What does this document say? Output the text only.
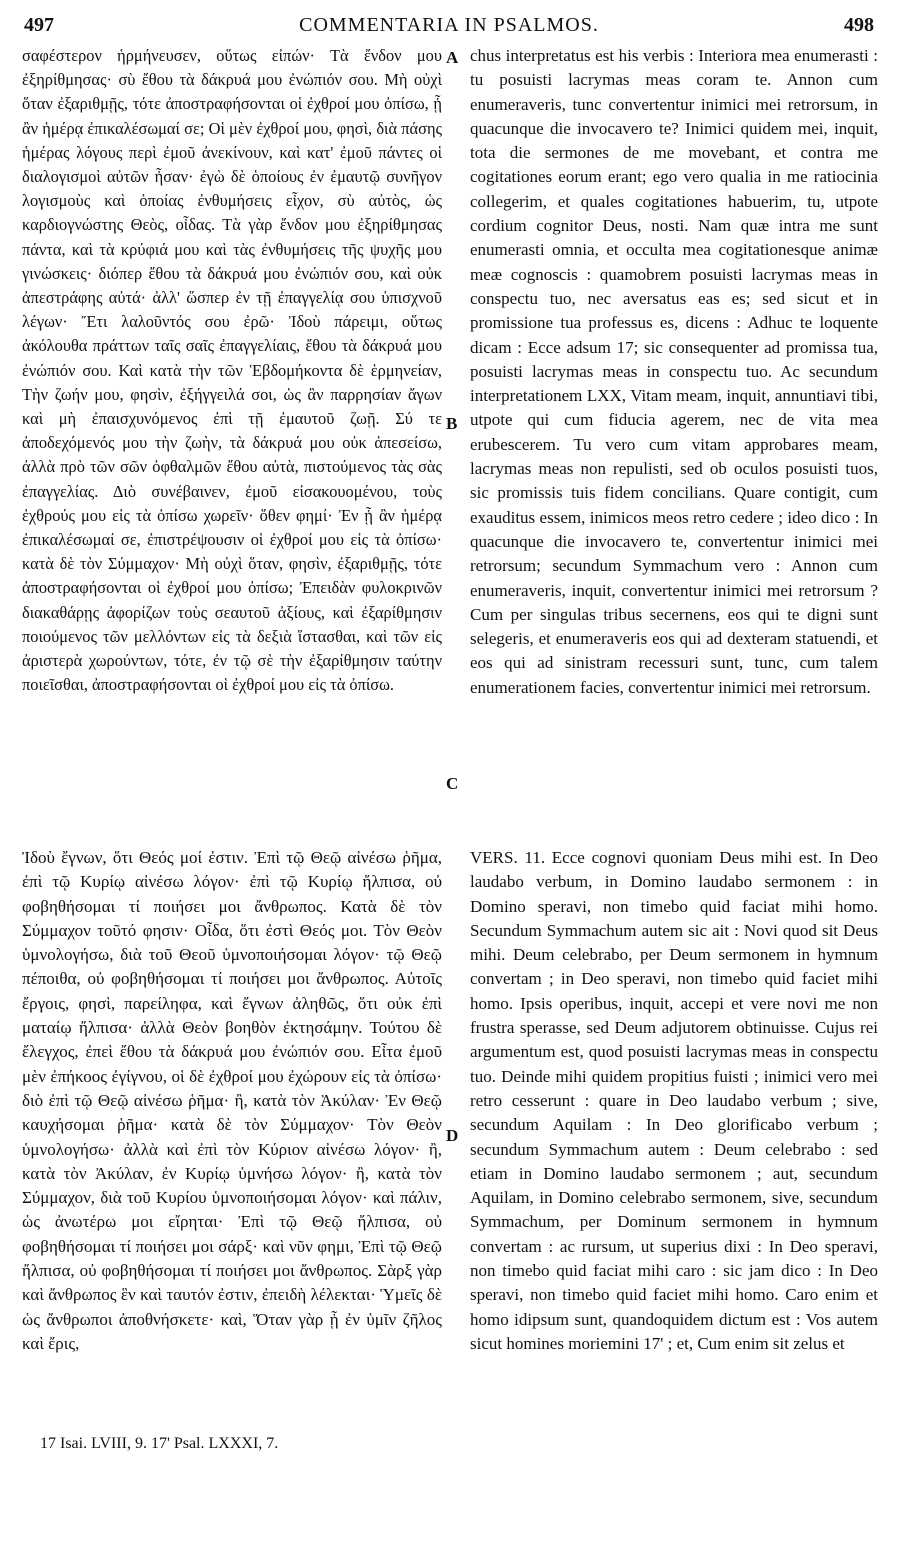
497	COMMENTARIA IN PSALMOS.	498

σαφέστερον ἡρμήνευσεν, οὕτως εἰπών· Τὰ ἔνδον μου ἐξηρίθμησας· σὺ ἔθου τὰ δάκρυά μου ἐνώπιόν σου. Μὴ οὐχὶ ὅταν ἐξαριθμῇς, τότε ἀποστραφήσονται οἱ ἐχθροί μου ὀπίσω, ᾗ ἂν ἡμέρᾳ ἐπικαλέσωμαί σε; Οἱ μὲν ἐχθροί μου, φησὶ, διὰ πάσης ἡμέρας λόγους περὶ ἐμοῦ ἀνεκίνουν, καὶ κατ' ἐμοῦ πάντες οἱ διαλογισμοὶ αὐτῶν ἦσαν· ἐγὼ δὲ ὁποίους ἐν ἐμαυτῷ συνῆγον λογισμοὺς καὶ ὁποίας ἐνθυμήσεις εἶχον, σὺ αὐτὸς, ὡς καρδιογνώστης Θεὸς, οἶδας. Τὰ γὰρ ἔνδον μου ἐξηρίθμησας πάντα, καὶ τὰ κρύφιά μου καὶ τὰς ἐνθυμήσεις τῆς ψυχῆς μου γινώσκεις· διόπερ ἔθου τὰ δάκρυά μου ἐνώπιόν σου, καὶ οὐκ ἀπεστράφης αὐτά· ἀλλ' ὥσπερ ἐν τῇ ἐπαγγελίᾳ σου ὑπισχνοῦ λέγων· Ἔτι λαλοῦντός σου ἐρῶ· Ἰδοὺ πάρειμι, οὕτως ἀκόλουθα πράττων ταῖς σαῖς ἐπαγγελίαις, ἔθου τὰ δάκρυά μου ἐνώπιόν σου. Καὶ κατὰ τὴν τῶν Ἑβδομήκοντα δὲ ἑρμηνείαν, Τὴν ζωήν μου, φησὶν, ἐξήγγειλά σοι, ὡς ἂν παρρησίαν ἄγων καὶ μὴ ἐπαισχυνόμενος ἐπὶ τῇ ἐμαυτοῦ ζωῇ. Σύ τε ἀποδεχόμενός μου τὴν ζωὴν, τὰ δάκρυά μου οὐκ ἀπεσείσω, ἀλλὰ πρὸ τῶν σῶν ὀφθαλμῶν ἔθου αὐτὰ, πιστούμενος τὰς σὰς ἐπαγγελίας. Διὸ συνέβαινεν, ἐμοῦ εἰσακουομένου, τοὺς ἐχθρούς μου εἰς τὰ ὀπίσω χωρεῖν· ὅθεν φημί· Ἐν ᾗ ἂν ἡμέρᾳ ἐπικαλέσωμαί σε, ἐπιστρέψουσιν οἱ ἐχθροί μου εἰς τὰ ὀπίσω· κατὰ δὲ τὸν Σύμμαχον· Μὴ οὐχὶ ὅταν, φησὶν, ἐξαριθμῇς, τότε ἀποστραφήσονται οἱ ἐχθροί μου ὀπίσω; Ἐπειδὰν φυλοκρινῶν διακαθάρῃς ἀφορίζων τοὺς σεαυτοῦ ἀξίους, καὶ ἐξαρίθμησιν ποιούμενος τῶν μελλόντων εἰς τὰ δεξιὰ ἵστασθαι, καὶ τῶν εἰς ἀριστερὰ χωρούντων, τότε, ἐν τῷ σὲ τὴν ἐξαρίθμησιν ταύτην ποιεῖσθαι, ἀποστραφήσονται οἱ ἐχθροί μου εἰς τὰ ὀπίσω.

chus interpretatus est his verbis : Interiora mea enumerasti : tu posuisti lacrymas meas coram te. Annon cum enumeraveris, tunc convertentur inimici mei retrorsum, in quacunque die invocavero te? Inimici quidem mei, inquit, tota die sermones de me movebant, et contra me cogitationes eorum erant; ego vero qualia in me ratiocinia collegerim, et quales cogitationes habuerim, tu, utpote cordium cognitor Deus, nosti. Nam quæ intra me sunt enumerasti omnia, et occulta mea cogitationesque animæ meæ cognoscis : quamobrem posuisti lacrymas meas in conspectu tuo, nec aversatus eas es; sed sicut et in promissione tua professus es, dicens : Adhuc te loquente dicam : Ecce adsum 17; sic consequenter ad promissa tua, posuisti lacrymas meas in conspectu tuo. Ac secundum interpretationem LXX, Vitam meam, inquit, annuntiavi tibi, utpote qui cum fiducia agerem, nec de vita mea erubescerem. Tu vero cum vitam approbares meam, lacrymas meas non repulisti, sed ob oculos posuisti tuos, sic promissis tuis fidem concilians. Quare contigit, cum exauditus essem, inimicos meos retro cedere ; ideo dico : In quacunque die invocavero te, convertentur inimici mei retrorsum; secundum Symmachum vero : Annon cum enumeraveris, inquit, convertentur inimici mei retrorsum ? Cum per singulas tribus secernens, eos qui te digni sunt selegeris, et enumeraveris eos qui ad dexteram statuendi, et eos qui ad sinistram recessuri sunt, tunc, cum talem enumerationem facies, convertentur inimici mei retrorsum.

A
B
C
D

Ἰδοὺ ἔγνων, ὅτι Θεός μοί ἐστιν. Ἐπὶ τῷ Θεῷ αἰνέσω ῥῆμα, ἐπὶ τῷ Κυρίῳ αἰνέσω λόγον· ἐπὶ τῷ Κυρίῳ ἤλπισα, οὐ φοβηθήσομαι τί ποιήσει μοι ἄνθρωπος. Κατὰ δὲ τὸν Σύμμαχον τοῦτό φησιν· Οἶδα, ὅτι ἐστὶ Θεός μοι. Τὸν Θεὸν ὑμνολογήσω, διὰ τοῦ Θεοῦ ὑμνοποιήσομαι λόγον· τῷ Θεῷ πέποιθα, οὐ φοβηθήσομαι τί ποιήσει μοι ἄνθρωπος. Αὐτοῖς ἔργοις, φησὶ, παρείληφα, καὶ ἔγνων ἀληθῶς, ὅτι οὐκ ἐπὶ ματαίῳ ἤλπισα· ἀλλὰ Θεὸν βοηθὸν ἐκτησάμην. Τούτου δὲ ἔλεγχος, ἐπεὶ ἔθου τὰ δάκρυά μου ἐνώπιόν σου. Εἶτα ἐμοῦ μὲν ἐπήκοος ἐγίγνου, οἱ δὲ ἐχθροί μου ἐχώρουν εἰς τὰ ὀπίσω· διὸ ἐπὶ τῷ Θεῷ αἰνέσω ῥῆμα· ἢ, κατὰ τὸν Ἀκύλαν· Ἐν Θεῷ καυχήσομαι ῥῆμα· κατὰ δὲ τὸν Σύμμαχον· Τὸν Θεὸν ὑμνολογήσω· ἀλλὰ καὶ ἐπὶ τὸν Κύριον αἰνέσω λόγον· ἢ, κατὰ τὸν Ἀκύλαν, ἐν Κυρίῳ ὑμνήσω λόγον· ἢ, κατὰ τὸν Σύμμαχον, διὰ τοῦ Κυρίου ὑμνοποιήσομαι λόγον· καὶ πάλιν, ὡς ἀνωτέρω μοι εἴρηται· Ἐπὶ τῷ Θεῷ ἤλπισα, οὐ φοβηθήσομαι τί ποιήσει μοι σάρξ· καὶ νῦν φημι, Ἐπὶ τῷ Θεῷ ἤλπισα, οὐ φοβηθήσομαι τί ποιήσει μοι ἄνθρωπος. Σὰρξ γὰρ καὶ ἄνθρωπος ἓν καὶ ταυτόν ἐστιν, ἐπειδὴ λέλεκται· Ὑμεῖς δὲ ὡς ἄνθρωποι ἀποθνήσκετε· καὶ, Ὅταν γὰρ ᾖ ἐν ὑμῖν ζῆλος καὶ ἔρις,

VERS. 11. Ecce cognovi quoniam Deus mihi est. In Deo laudabo verbum, in Domino laudabo sermonem : in Domino speravi, non timebo quid faciat mihi homo. Secundum Symmachum autem sic ait : Novi quod sit Deus mihi. Deum celebrabo, per Deum sermonem in hymnum convertam ; in Deo speravi, non timebo quid faciet mihi homo. Ipsis operibus, inquit, accepi et vere novi me non frustra sperasse, sed Deum adjutorem obtinuisse. Cujus rei argumentum est, quod posuisti lacrymas meas in conspectu tuo. Deinde mihi quidem propitius fuisti ; inimici vero mei retro cesserunt : quare in Deo laudabo verbum ; sive, secundum Aquilam : In Deo glorificabo verbum ; secundum Symmachum autem : Deum celebrabo : sed etiam in Domino laudabo sermonem ; aut, secundum Aquilam, in Domino celebrabo sermonem, sive, secundum Symmachum, per Dominum sermonem in hymnum convertam : ac rursum, ut superius dixi : In Deo speravi, non timebo quid faciat mihi caro : sic jam dico : In Deo speravi, non timebo quid faciet mihi homo. Caro enim et homo idipsum sunt, quandoquidem dictum est : Vos autem sicut homines moriemini 17' ; et, Cum enim sit zelus et

17 Isai. LVIII, 9. 17' Psal. LXXXI, 7.
